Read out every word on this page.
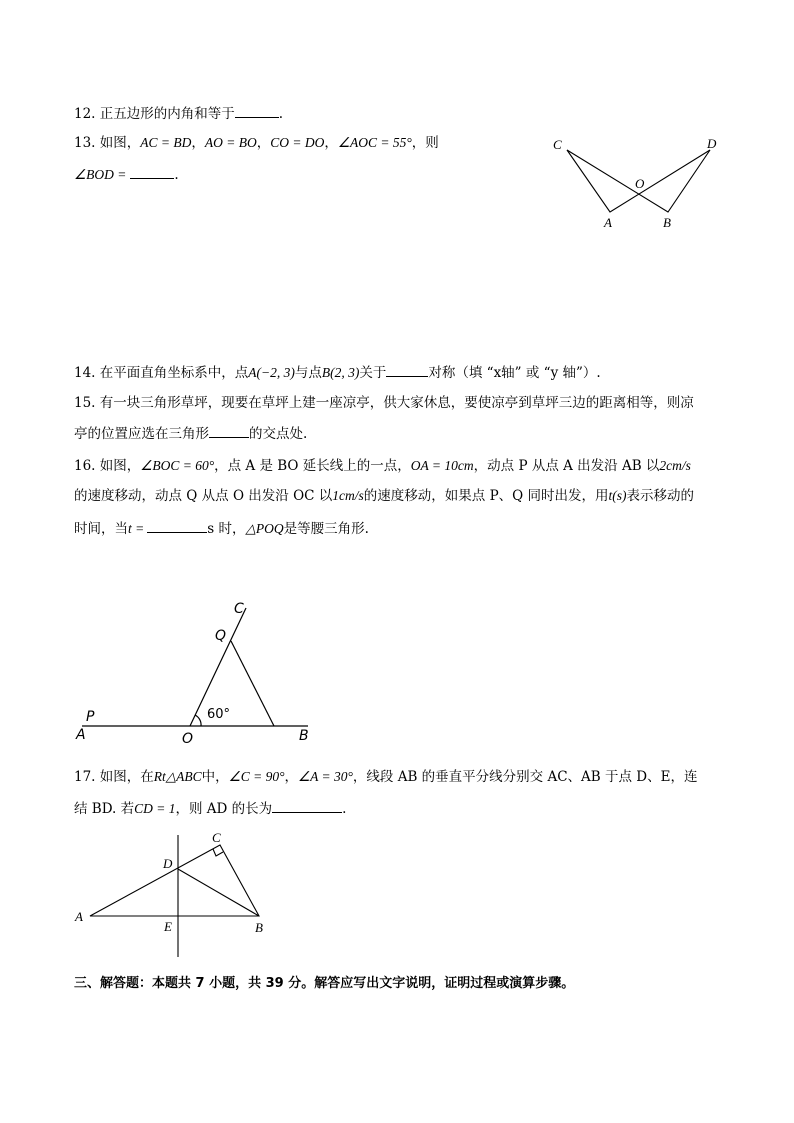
12. 正五边形的内角和等于	.
13. 如图，AC = BD，AO = BO，CO = DO，∠AOC = 55°，则
∠BOD =	.
C	D
O
A	B
14. 在平面直角坐标系中，点A(−2, 3)与点B(2, 3)关于	对称（填 “x轴” 或 “y 轴”）.
15. 有一块三角形草坪，现要在草坪上建一座凉亭，供大家休息，要使凉亭到草坪三边的距离相等，则凉
亭的位置应选在三角形	的交点处.
16. 如图，∠BOC = 60°，点 A 是 BO 延长线上的一点，OA = 10cm，动点 P 从点 A 出发沿 AB 以2cm/s
的速度移动，动点 Q 从点 O 出发沿 OC 以1cm/s的速度移动，如果点 P、Q 同时出发，用t(s)表示移动的
时间，当t =	s 时，△POQ是等腰三角形.
C
Q
P
A	O	B
60°
17. 如图，在Rt△ABC中，∠C = 90°，∠A = 30°，线段 AB 的垂直平分线分别交 AC、AB 于点 D、E，连
结 BD. 若CD = 1，则 AD 的长为	.
C
D
A
E	B
三、解答题：本题共 7 小题，共 39 分。解答应写出文字说明，证明过程或演算步骤。
